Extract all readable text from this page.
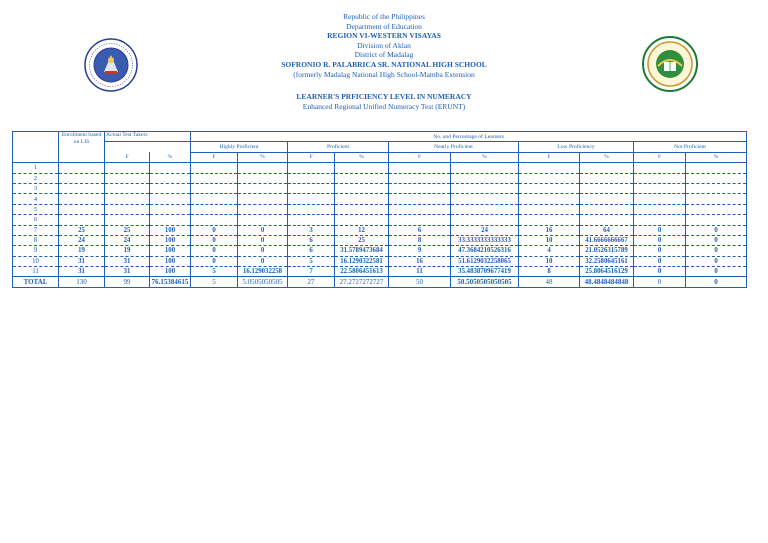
Republic of the Philippines
Department of Education
REGION VI-WESTERN VISAYAS
Division of Aklan
District of Madalag
SOFRONIO R. PALABRICA SR. NATIONAL HIGH SCHOOL
(formerly Madalag National High School-Mamba Extension
LEARNER'S PRFICIENCY LEVEL IN NUMERACY
Enhanced Regional Unified Numeracy Test (ERUNT)
	Enrollment based on LIS	Actual Test Takers		No. and Percentage of Learners									
				Highly Proficient		Proficient		Nearly Proficient		Low Proficiency		Not Proficient	
		F	%	F	%	F	%	F	%	F	%	F	%
1													
2													
3													
4													
5													
6													
7	25	25	100	0	0	3	12	6	24	16	64	0	0
8	24	24	100	0	0	6	25	8	33.3333333333333	10	41.6666666667	0	0
9	19	19	100	0	0	6	31.5789473684	9	47.3684210526316	4	21.0526315789	0	0
10	31	31	100	0	0	5	16.1290322581	16	51.6129032258065	10	32.2580645161	0	0
11	31	31	100	5	16.129032258	7	22.5806451613	11	35.4838709677419	8	25.8064516129	0	0
TOTAL	130	99	76.15384615	5	5.0505050505	27	27.2727272727	50	50.5050505050505	48	48.4848484848	0	0
